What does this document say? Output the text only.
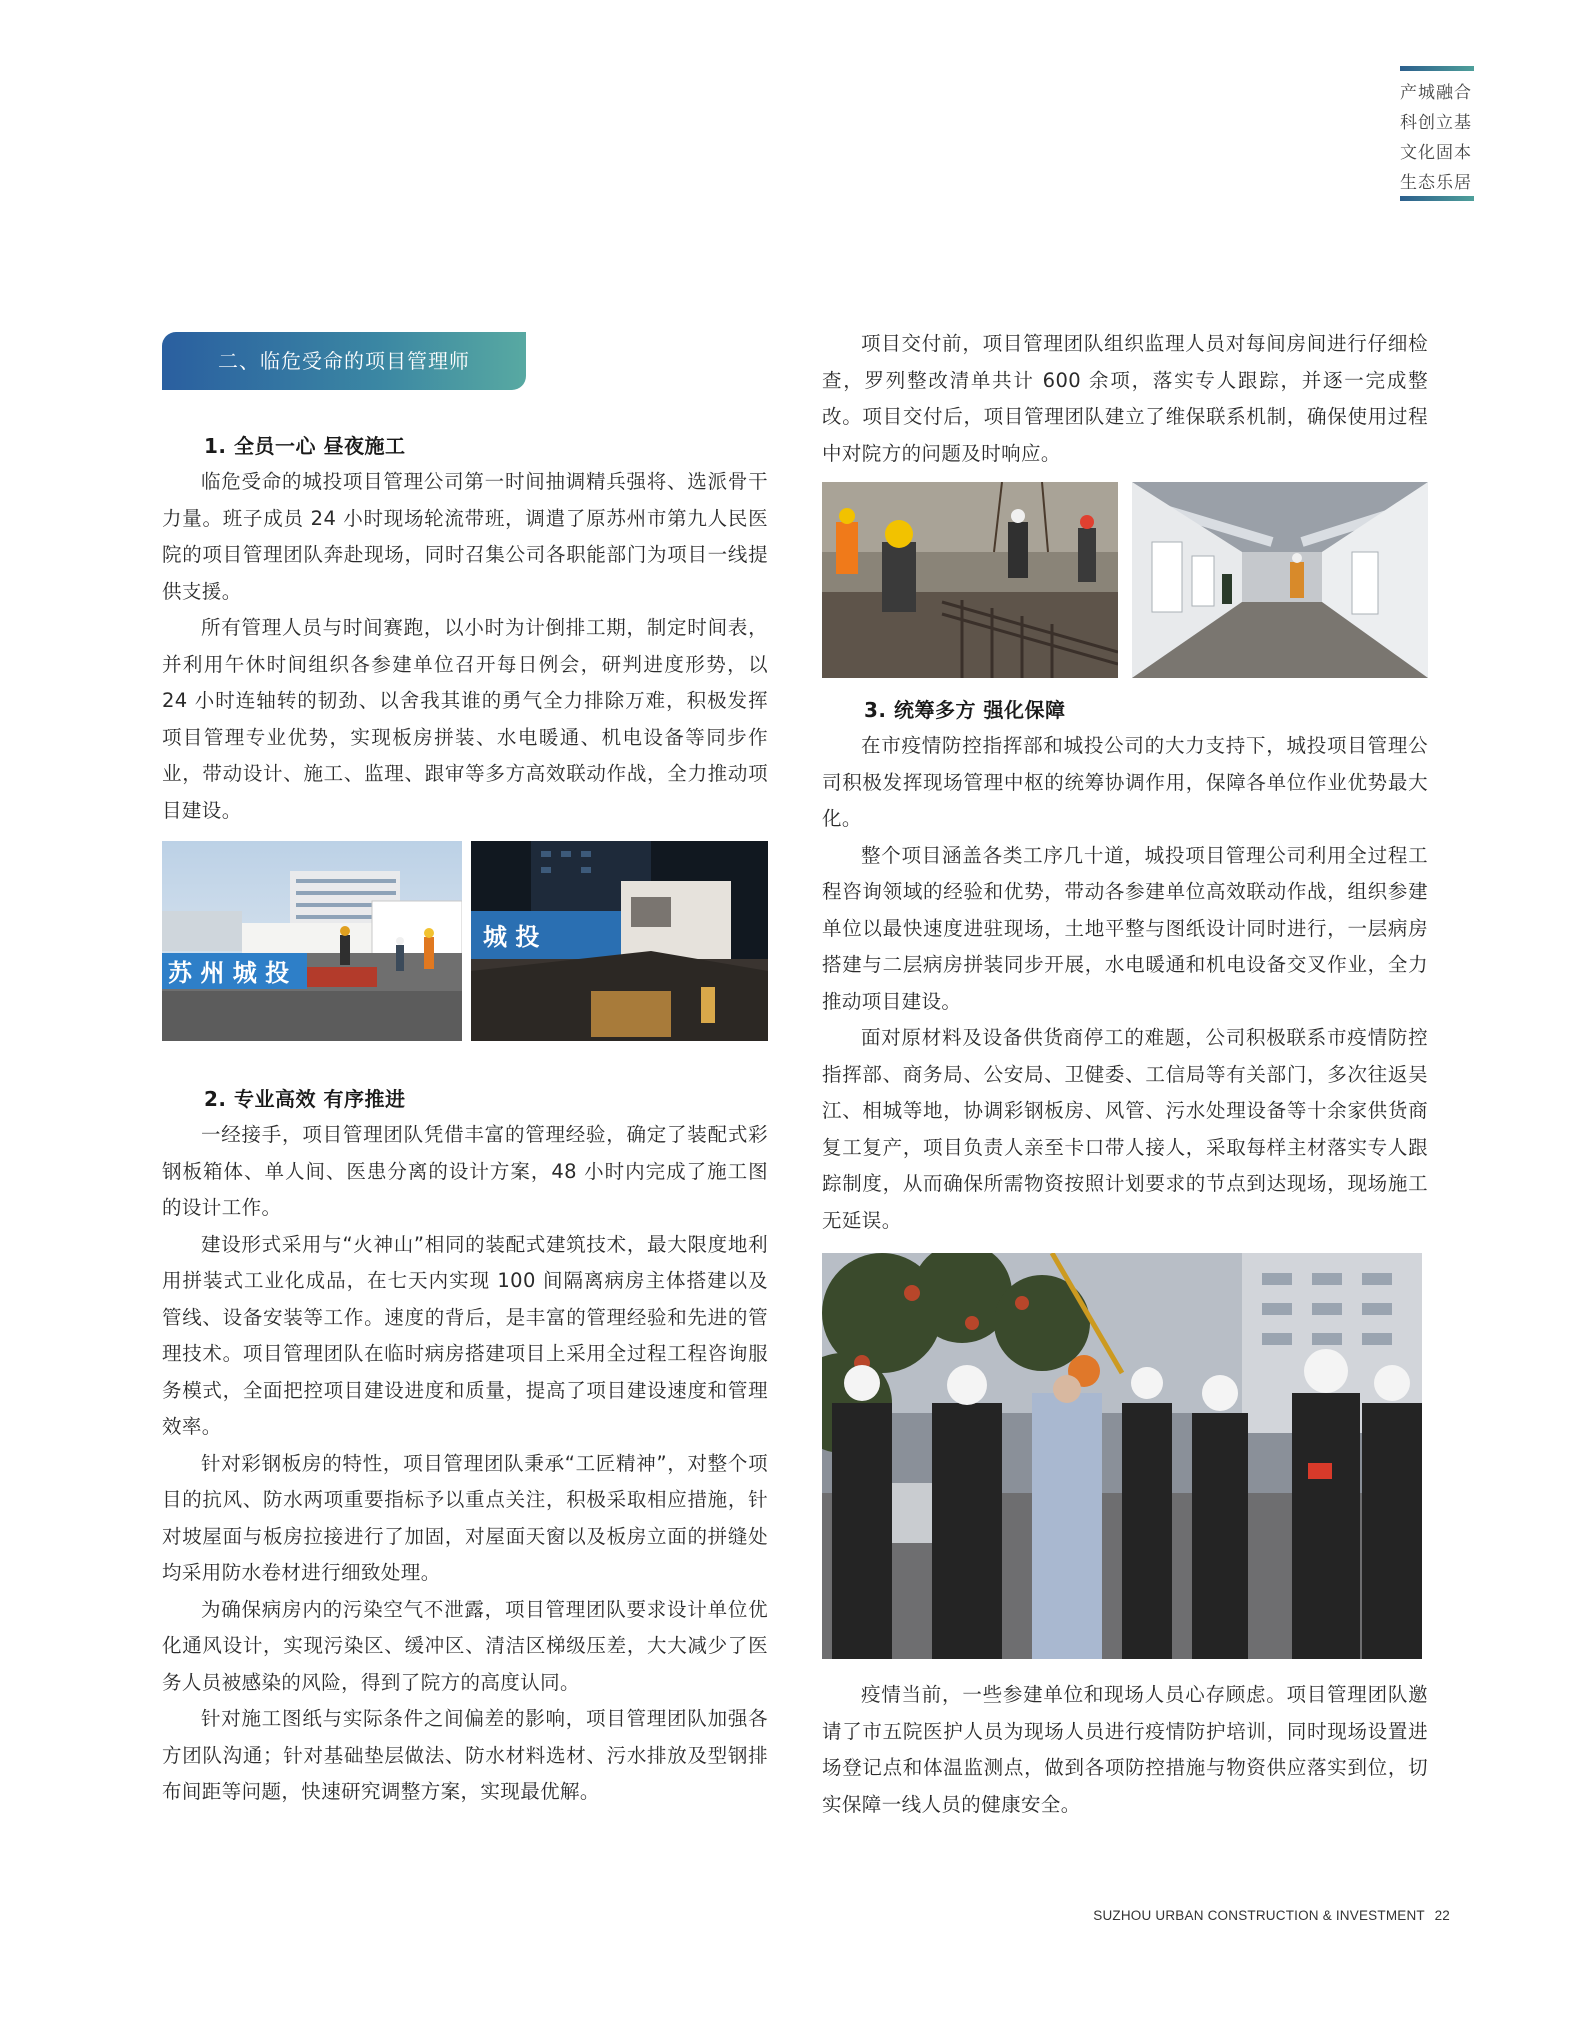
产城融合
科创立基
文化固本
生态乐居
二、临危受命的项目管理师
1. 全员一心 昼夜施工

临危受命的城投项目管理公司第一时间抽调精兵强将、选派骨干力量。班子成员 24 小时现场轮流带班，调遣了原苏州市第九人民医院的项目管理团队奔赴现场，同时召集公司各职能部门为项目一线提供支援。

所有管理人员与时间赛跑，以小时为计倒排工期，制定时间表，并利用午休时间组织各参建单位召开每日例会，研判进度形势，以 24 小时连轴转的韧劲、以舍我其谁的勇气全力排除万难，积极发挥项目管理专业优势，实现板房拼装、水电暖通、机电设备等同步作业，带动设计、施工、监理、跟审等多方高效联动作战，全力推动项目建设。

苏 州 城 投
城 投
2. 专业高效 有序推进

一经接手，项目管理团队凭借丰富的管理经验，确定了装配式彩钢板箱体、单人间、医患分离的设计方案，48 小时内完成了施工图的设计工作。

建设形式采用与“火神山”相同的装配式建筑技术，最大限度地利用拼装式工业化成品，在七天内实现 100 间隔离病房主体搭建以及管线、设备安装等工作。速度的背后，是丰富的管理经验和先进的管理技术。项目管理团队在临时病房搭建项目上采用全过程工程咨询服务模式，全面把控项目建设进度和质量，提高了项目建设速度和管理效率。

针对彩钢板房的特性，项目管理团队秉承“工匠精神”，对整个项目的抗风、防水两项重要指标予以重点关注，积极采取相应措施，针对坡屋面与板房拉接进行了加固，对屋面天窗以及板房立面的拼缝处均采用防水卷材进行细致处理。

为确保病房内的污染空气不泄露，项目管理团队要求设计单位优化通风设计，实现污染区、缓冲区、清洁区梯级压差，大大减少了医务人员被感染的风险，得到了院方的高度认同。

针对施工图纸与实际条件之间偏差的影响，项目管理团队加强各方团队沟通；针对基础垫层做法、防水材料选材、污水排放及型钢排布间距等问题，快速研究调整方案，实现最优解。

项目交付前，项目管理团队组织监理人员对每间房间进行仔细检查，罗列整改清单共计 600 余项，落实专人跟踪，并逐一完成整改。项目交付后，项目管理团队建立了维保联系机制，确保使用过程中对院方的问题及时响应。

3. 统筹多方 强化保障

在市疫情防控指挥部和城投公司的大力支持下，城投项目管理公司积极发挥现场管理中枢的统筹协调作用，保障各单位作业优势最大化。

整个项目涵盖各类工序几十道，城投项目管理公司利用全过程工程咨询领域的经验和优势，带动各参建单位高效联动作战，组织参建单位以最快速度进驻现场，土地平整与图纸设计同时进行，一层病房搭建与二层病房拼装同步开展，水电暖通和机电设备交叉作业，全力推动项目建设。

面对原材料及设备供货商停工的难题，公司积极联系市疫情防控指挥部、商务局、公安局、卫健委、工信局等有关部门，多次往返吴江、相城等地，协调彩钢板房、风管、污水处理设备等十余家供货商复工复产，项目负责人亲至卡口带人接人，采取每样主材落实专人跟踪制度，从而确保所需物资按照计划要求的节点到达现场，现场施工无延误。

疫情当前，一些参建单位和现场人员心存顾虑。项目管理团队邀请了市五院医护人员为现场人员进行疫情防护培训，同时现场设置进场登记点和体温监测点，做到各项防控措施与物资供应落实到位，切实保障一线人员的健康安全。

SUZHOU URBAN CONSTRUCTION & INVESTMENT 22
